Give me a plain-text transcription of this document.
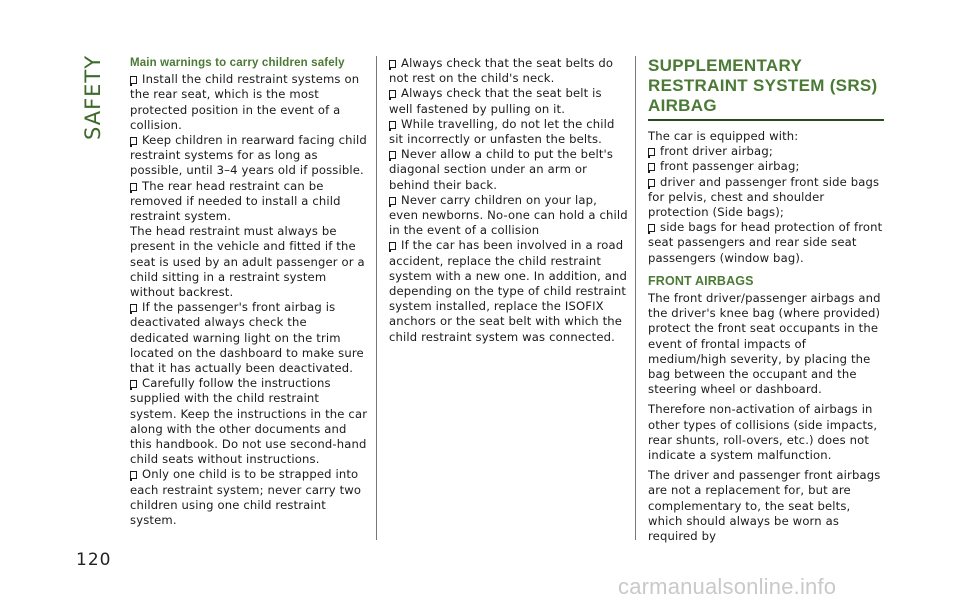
SAFETY
120

Main warnings to carry children safely

Install the child restraint systems on the rear seat, which is the most protected position in the event of a collision.

Keep children in rearward facing child restraint systems for as long as possible, until 3–4 years old if possible.

The rear head restraint can be removed if needed to install a child restraint system.

The head restraint must always be present in the vehicle and fitted if the seat is used by an adult passenger or a child sitting in a restraint system without backrest.

If the passenger's front airbag is deactivated always check the dedicated warning light on the trim located on the dashboard to make sure that it has actually been deactivated.

Carefully follow the instructions supplied with the child restraint system. Keep the instructions in the car along with the other documents and this handbook. Do not use second-hand child seats without instructions.

Only one child is to be strapped into each restraint system; never carry two children using one child restraint system.

Always check that the seat belts do not rest on the child's neck.

Always check that the seat belt is well fastened by pulling on it.

While travelling, do not let the child sit incorrectly or unfasten the belts.

Never allow a child to put the belt's diagonal section under an arm or behind their back.

Never carry children on your lap, even newborns. No-one can hold a child in the event of a collision

If the car has been involved in a road accident, replace the child restraint system with a new one. In addition, and depending on the type of child restraint system installed, replace the ISOFIX anchors or the seat belt with which the child restraint system was connected.

SUPPLEMENTARY
RESTRAINT SYSTEM (SRS)
AIRBAG

The car is equipped with:

front driver airbag;

front passenger airbag;

driver and passenger front side bags for pelvis, chest and shoulder protection (Side bags);

side bags for head protection of front seat passengers and rear side seat passengers (window bag).

FRONT AIRBAGS

The front driver/passenger airbags and the driver's knee bag (where provided) protect the front seat occupants in the event of frontal impacts of medium/high severity, by placing the bag between the occupant and the steering wheel or dashboard.

Therefore non-activation of airbags in other types of collisions (side impacts, rear shunts, roll-overs, etc.) does not indicate a system malfunction.

The driver and passenger front airbags are not a replacement for, but are complementary to, the seat belts, which should always be worn as required by

carmanualsonline.info
